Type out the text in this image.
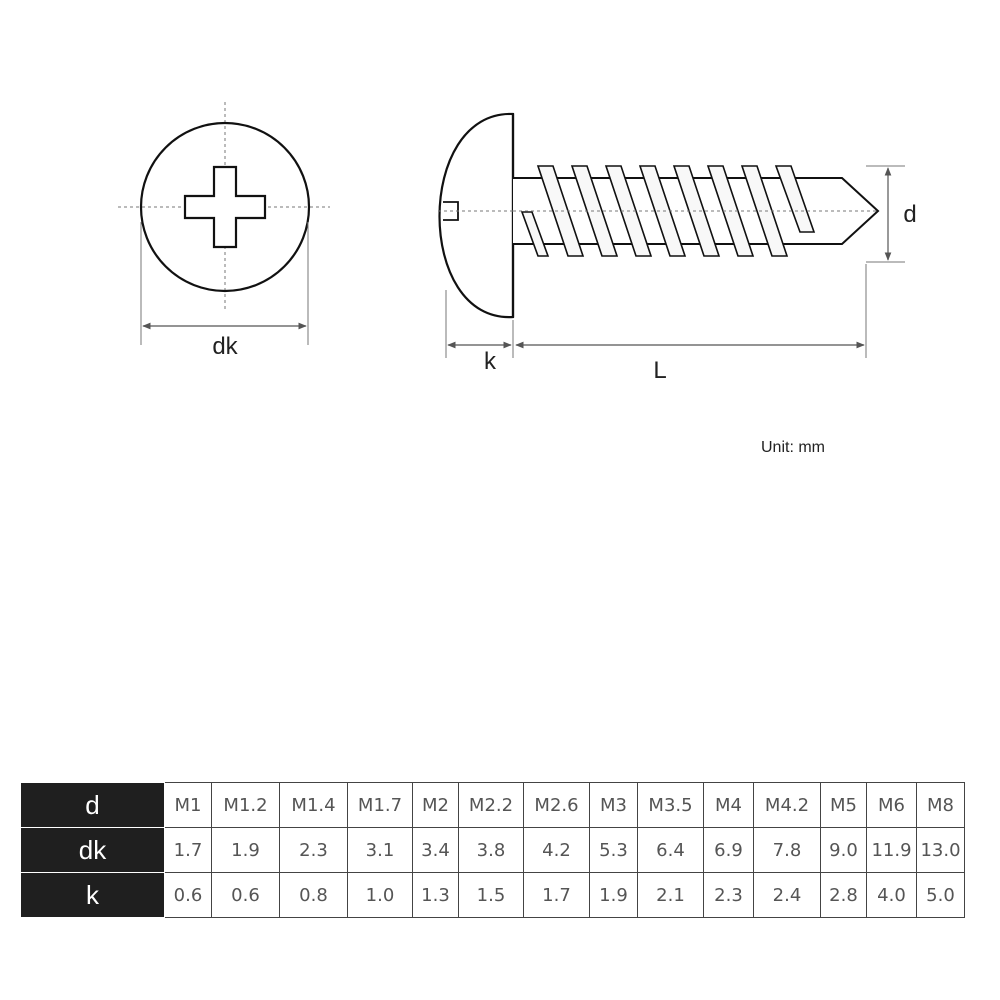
dk
d
k	L
Unit: mm
d	M1	M1.2	M1.4	M1.7	M2	M2.2	M2.6	M3	M3.5	M4	M4.2	M5	M6	M8
dk	1.7	1.9	2.3	3.1	3.4	3.8	4.2	5.3	6.4	6.9	7.8	9.0	11.9	13.0
k	0.6	0.6	0.8	1.0	1.3	1.5	1.7	1.9	2.1	2.3	2.4	2.8	4.0	5.0
